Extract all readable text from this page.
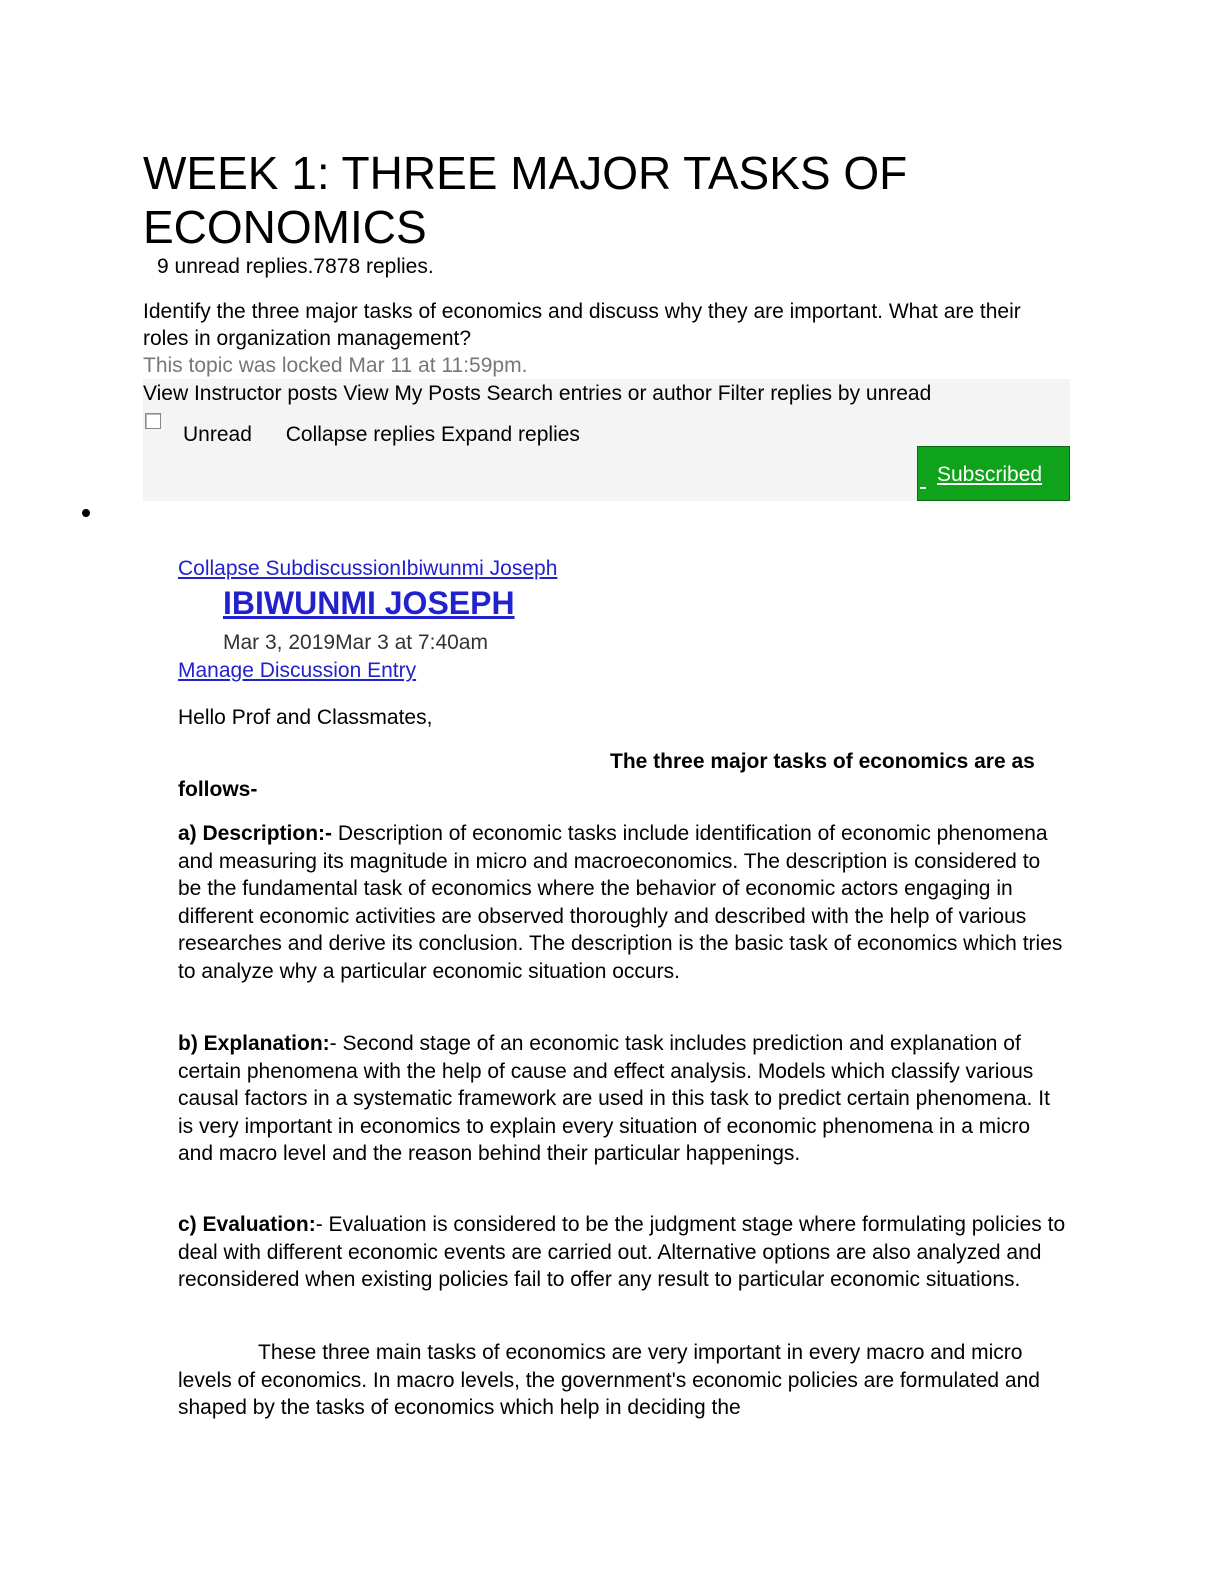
WEEK 1: THREE MAJOR TASKS OF ECONOMICS
9 unread replies.7878 replies.
Identify the three major tasks of economics and discuss why they are important. What are their roles in organization management?
This topic was locked Mar 11 at 11:59pm.
View Instructor posts View My Posts Search entries or author Filter replies by unread
Unread Collapse replies Expand replies

Subscribed
Collapse SubdiscussionIbiwunmi Joseph
IBIWUNMI JOSEPH
Mar 3, 2019Mar 3 at 7:40am
Manage Discussion Entry
Hello Prof and Classmates,
The three major tasks of economics are as follows-
a) Description:- Description of economic tasks include identification of economic phenomena and measuring its magnitude in micro and macroeconomics. The description is considered to be the fundamental task of economics where the behavior of economic actors engaging in different economic activities are observed thoroughly and described with the help of various researches and derive its conclusion. The description is the basic task of economics which tries to analyze why a particular economic situation occurs.
b) Explanation:- Second stage of an economic task includes prediction and explanation of certain phenomena with the help of cause and effect analysis. Models which classify various causal factors in a systematic framework are used in this task to predict certain phenomena. It is very important in economics to explain every situation of economic phenomena in a micro and macro level and the reason behind their particular happenings.
c) Evaluation:- Evaluation is considered to be the judgment stage where formulating policies to deal with different economic events are carried out. Alternative options are also analyzed and reconsidered when existing policies fail to offer any result to particular economic situations.
These three main tasks of economics are very important in every macro and micro levels of economics. In macro levels, the government's economic policies are formulated and shaped by the tasks of economics which help in deciding the
